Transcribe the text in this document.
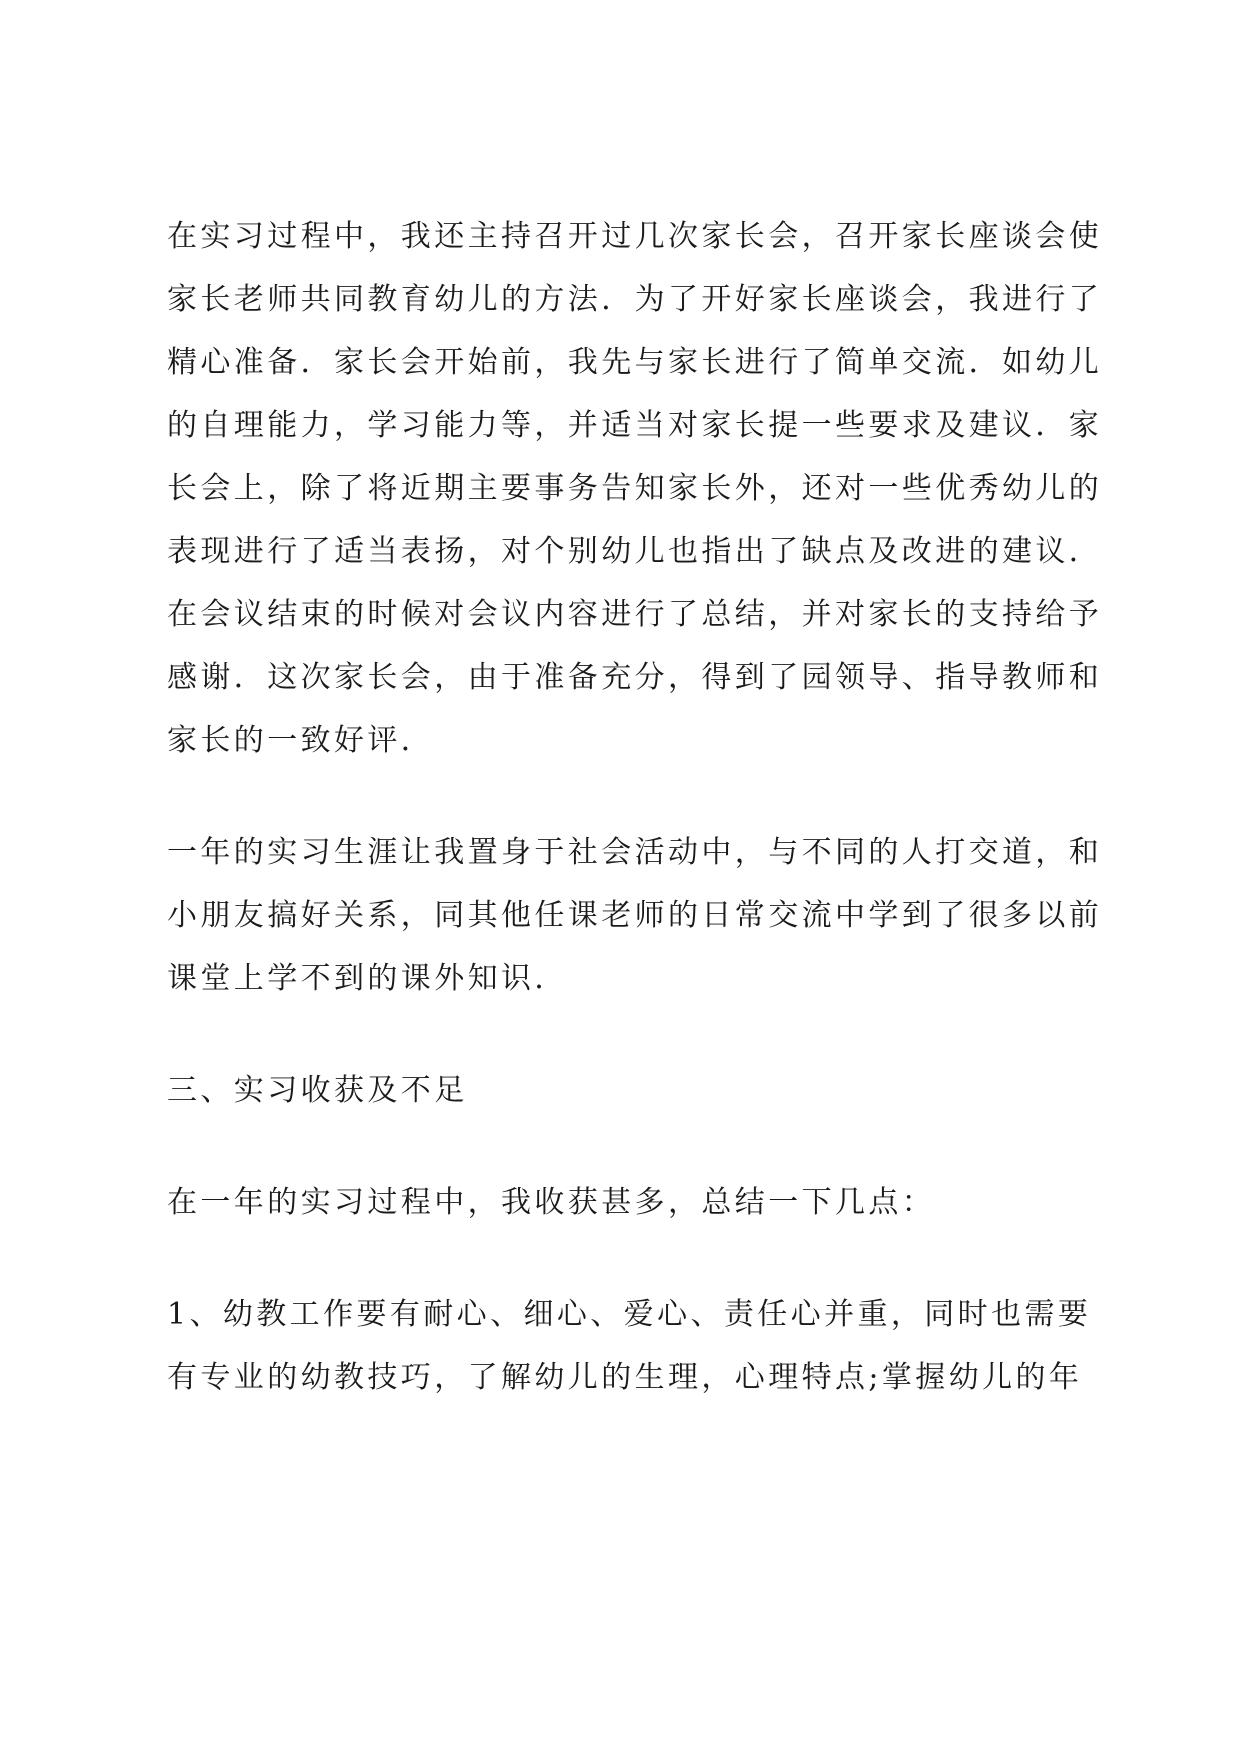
在实习过程中，我还主持召开过几次家长会，召开家长座谈会使

家长老师共同教育幼儿的方法．为了开好家长座谈会，我进行了

精心准备．家长会开始前，我先与家长进行了简单交流．如幼儿

的自理能力，学习能力等，并适当对家长提一些要求及建议．家

长会上，除了将近期主要事务告知家长外，还对一些优秀幼儿的

表现进行了适当表扬，对个别幼儿也指出了缺点及改进的建议．

在会议结束的时候对会议内容进行了总结，并对家长的支持给予

感谢．这次家长会，由于准备充分，得到了园领导、指导教师和

家长的一致好评．

一年的实习生涯让我置身于社会活动中，与不同的人打交道，和

小朋友搞好关系，同其他任课老师的日常交流中学到了很多以前

课堂上学不到的课外知识．

三、实习收获及不足

在一年的实习过程中，我收获甚多，总结一下几点：

1、幼教工作要有耐心、细心、爱心、责任心并重，同时也需要

有专业的幼教技巧，了解幼儿的生理，心理特点;掌握幼儿的年
